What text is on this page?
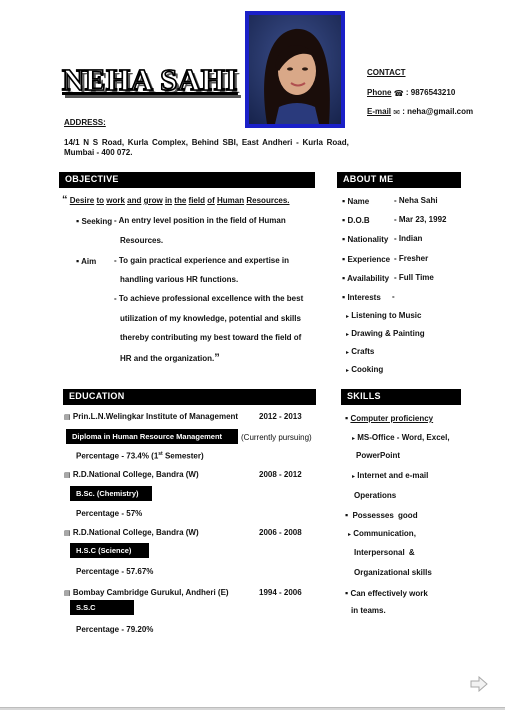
NEHA SAHI	CONTACT
Phone ☎ : 9876543210
E-mail ✉ : neha@gmail.com
ADDRESS:
14/1 N S Road, Kurla Complex, Behind SBI, East Andheri - Kurla Road,
Mumbai - 400 072.
OBJECTIVE	ABOUT ME
“ Desire to work and grow in the field of Human Resources.
▪ Seeking - An entry level position in the field of Human
Resources.
▪ Aim - To gain practical experience and expertise in
handling various HR functions.
- To achieve professional excellence with the best
utilization of my knowledge, potential and skills
thereby contributing my best toward the field of
HR and the organization.”
▪ Name	- Neha Sahi
▪ D.O.B	- Mar 23, 1992
▪ Nationality - Indian
▪ Experience - Fresher
▪ Availability - Full Time
▪ Interests -
▸ Listening to Music
▸ Drawing & Painting
▸ Crafts
▸ Cooking
EDUCATION	SKILLS
▤ Prin.L.N.Welingkar Institute of Management	2012 - 2013
Diploma in Human Resource Management	(Currently pursuing)
Percentage - 73.4% (1st Semester)
▤ R.D.National College, Bandra (W)	2008 - 2012
B.Sc. (Chemistry)
Percentage - 57%
▤ R.D.National College, Bandra (W)	2006 - 2008
H.S.C (Science)
Percentage - 57.67%
▤ Bombay Cambridge Gurukul, Andheri (E)	1994 - 2006
S.S.C
Percentage - 79.20%
▪ Computer proficiency
▸ MS-Office - Word, Excel,
PowerPoint
▸ Internet and e-mail
Operations
▪ Possesses good
▸ Communication,
Interpersonal &
Organizational skills
▪ Can effectively work
in teams.
